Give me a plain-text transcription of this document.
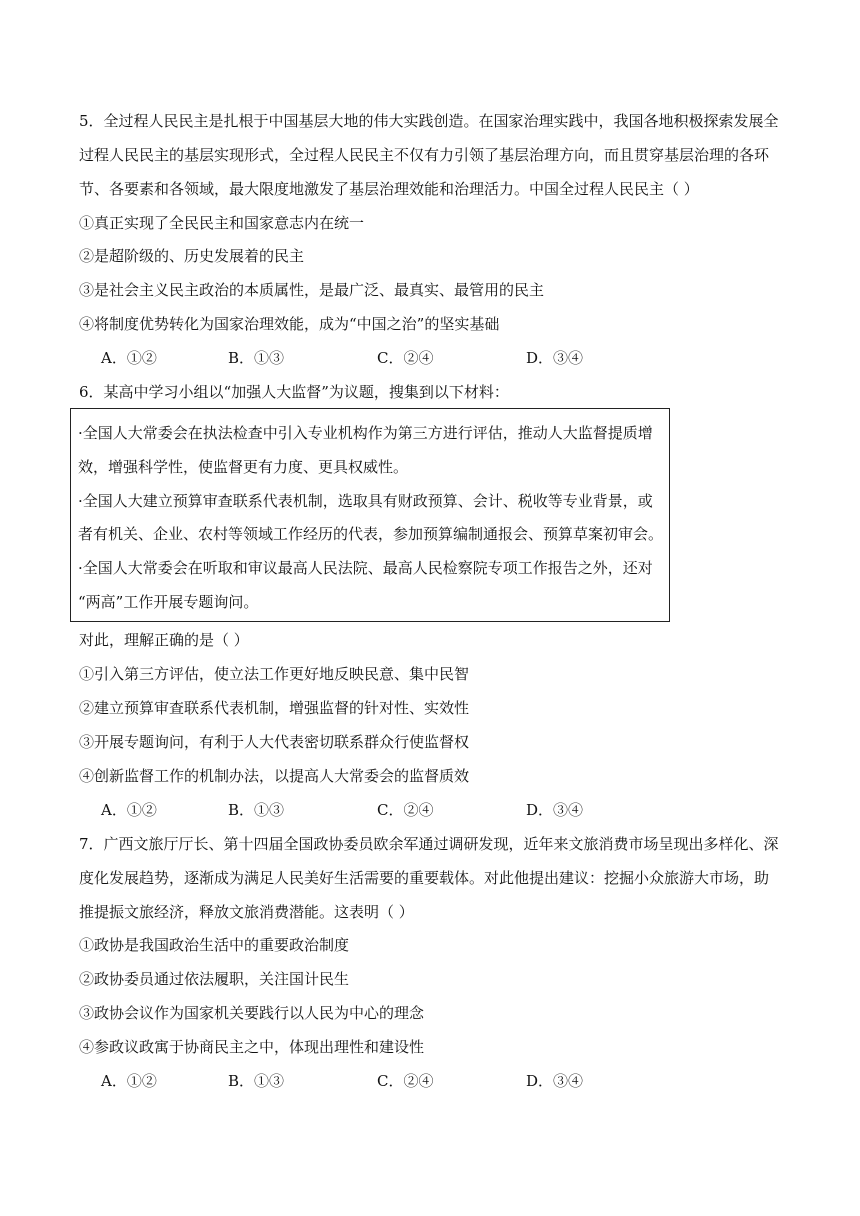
5．全过程人民民主是扎根于中国基层大地的伟大实践创造。在国家治理实践中，我国各地积极探索发展全
过程人民民主的基层实现形式，全过程人民民主不仅有力引领了基层治理方向，而且贯穿基层治理的各环
节、各要素和各领域，最大限度地激发了基层治理效能和治理活力。中国全过程人民民主（ ）
①真正实现了全民民主和国家意志内在统一
②是超阶级的、历史发展着的民主
③是社会主义民主政治的本质属性，是最广泛、最真实、最管用的民主
④将制度优势转化为国家治理效能，成为“中国之治”的坚实基础
A．①②	B．①③	C．②④	D．③④
6．某高中学习小组以“加强人大监督”为议题，搜集到以下材料：
·全国人大常委会在执法检查中引入专业机构作为第三方进行评估，推动人大监督提质增
效，增强科学性，使监督更有力度、更具权威性。
·全国人大建立预算审查联系代表机制，选取具有财政预算、会计、税收等专业背景，或
者有机关、企业、农村等领域工作经历的代表，参加预算编制通报会、预算草案初审会。
·全国人大常委会在听取和审议最高人民法院、最高人民检察院专项工作报告之外，还对
“两高”工作开展专题询问。
对此，理解正确的是（ ）
①引入第三方评估，使立法工作更好地反映民意、集中民智
②建立预算审查联系代表机制，增强监督的针对性、实效性
③开展专题询问，有利于人大代表密切联系群众行使监督权
④创新监督工作的机制办法，以提高人大常委会的监督质效
A．①②	B．①③	C．②④	D．③④
7．广西文旅厅厅长、第十四届全国政协委员欧余军通过调研发现，近年来文旅消费市场呈现出多样化、深
度化发展趋势，逐渐成为满足人民美好生活需要的重要载体。对此他提出建议：挖掘小众旅游大市场，助
推提振文旅经济，释放文旅消费潜能。这表明（ ）
①政协是我国政治生活中的重要政治制度
②政协委员通过依法履职，关注国计民生
③政协会议作为国家机关要践行以人民为中心的理念
④参政议政寓于协商民主之中，体现出理性和建设性
A．①②	B．①③	C．②④	D．③④
